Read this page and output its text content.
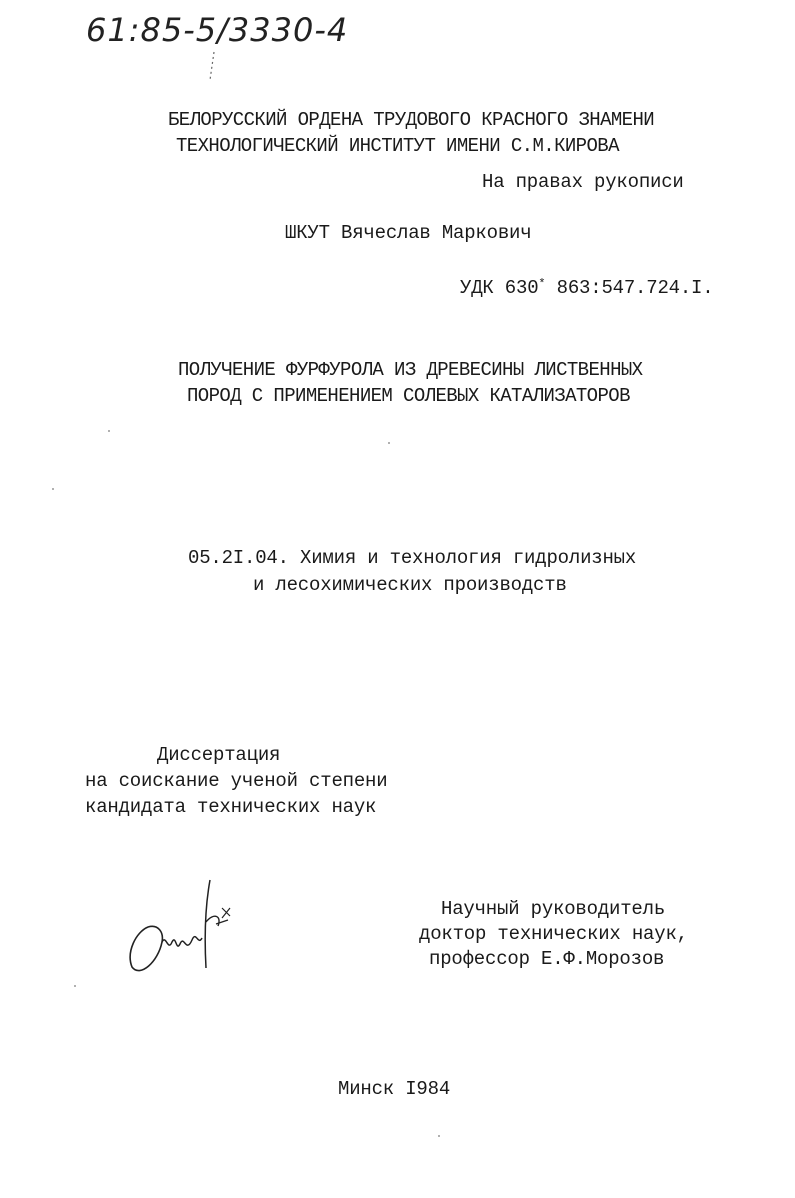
61:85-5/3330-4
БЕЛОРУССКИЙ ОРДЕНА ТРУДОВОГО КРАСНОГО ЗНАМЕНИ
ТЕХНОЛОГИЧЕСКИЙ ИНСТИТУТ ИМЕНИ С.М.КИРОВА
На правах рукописи
ШКУТ Вячеслав Маркович
УДК 630* 863:547.724.I.
ПОЛУЧЕНИЕ ФУРФУРОЛА ИЗ ДРЕВЕСИНЫ ЛИСТВЕННЫХ
ПОРОД С ПРИМЕНЕНИЕМ СОЛЕВЫХ КАТАЛИЗАТОРОВ
05.2I.04. Химия и технология гидролизных
и лесохимических производств
Диссертация
на соискание ученой степени
кандидата технических наук
Научный руководитель
доктор технических наук,
профессор Е.Ф.Морозов
Минск I984
